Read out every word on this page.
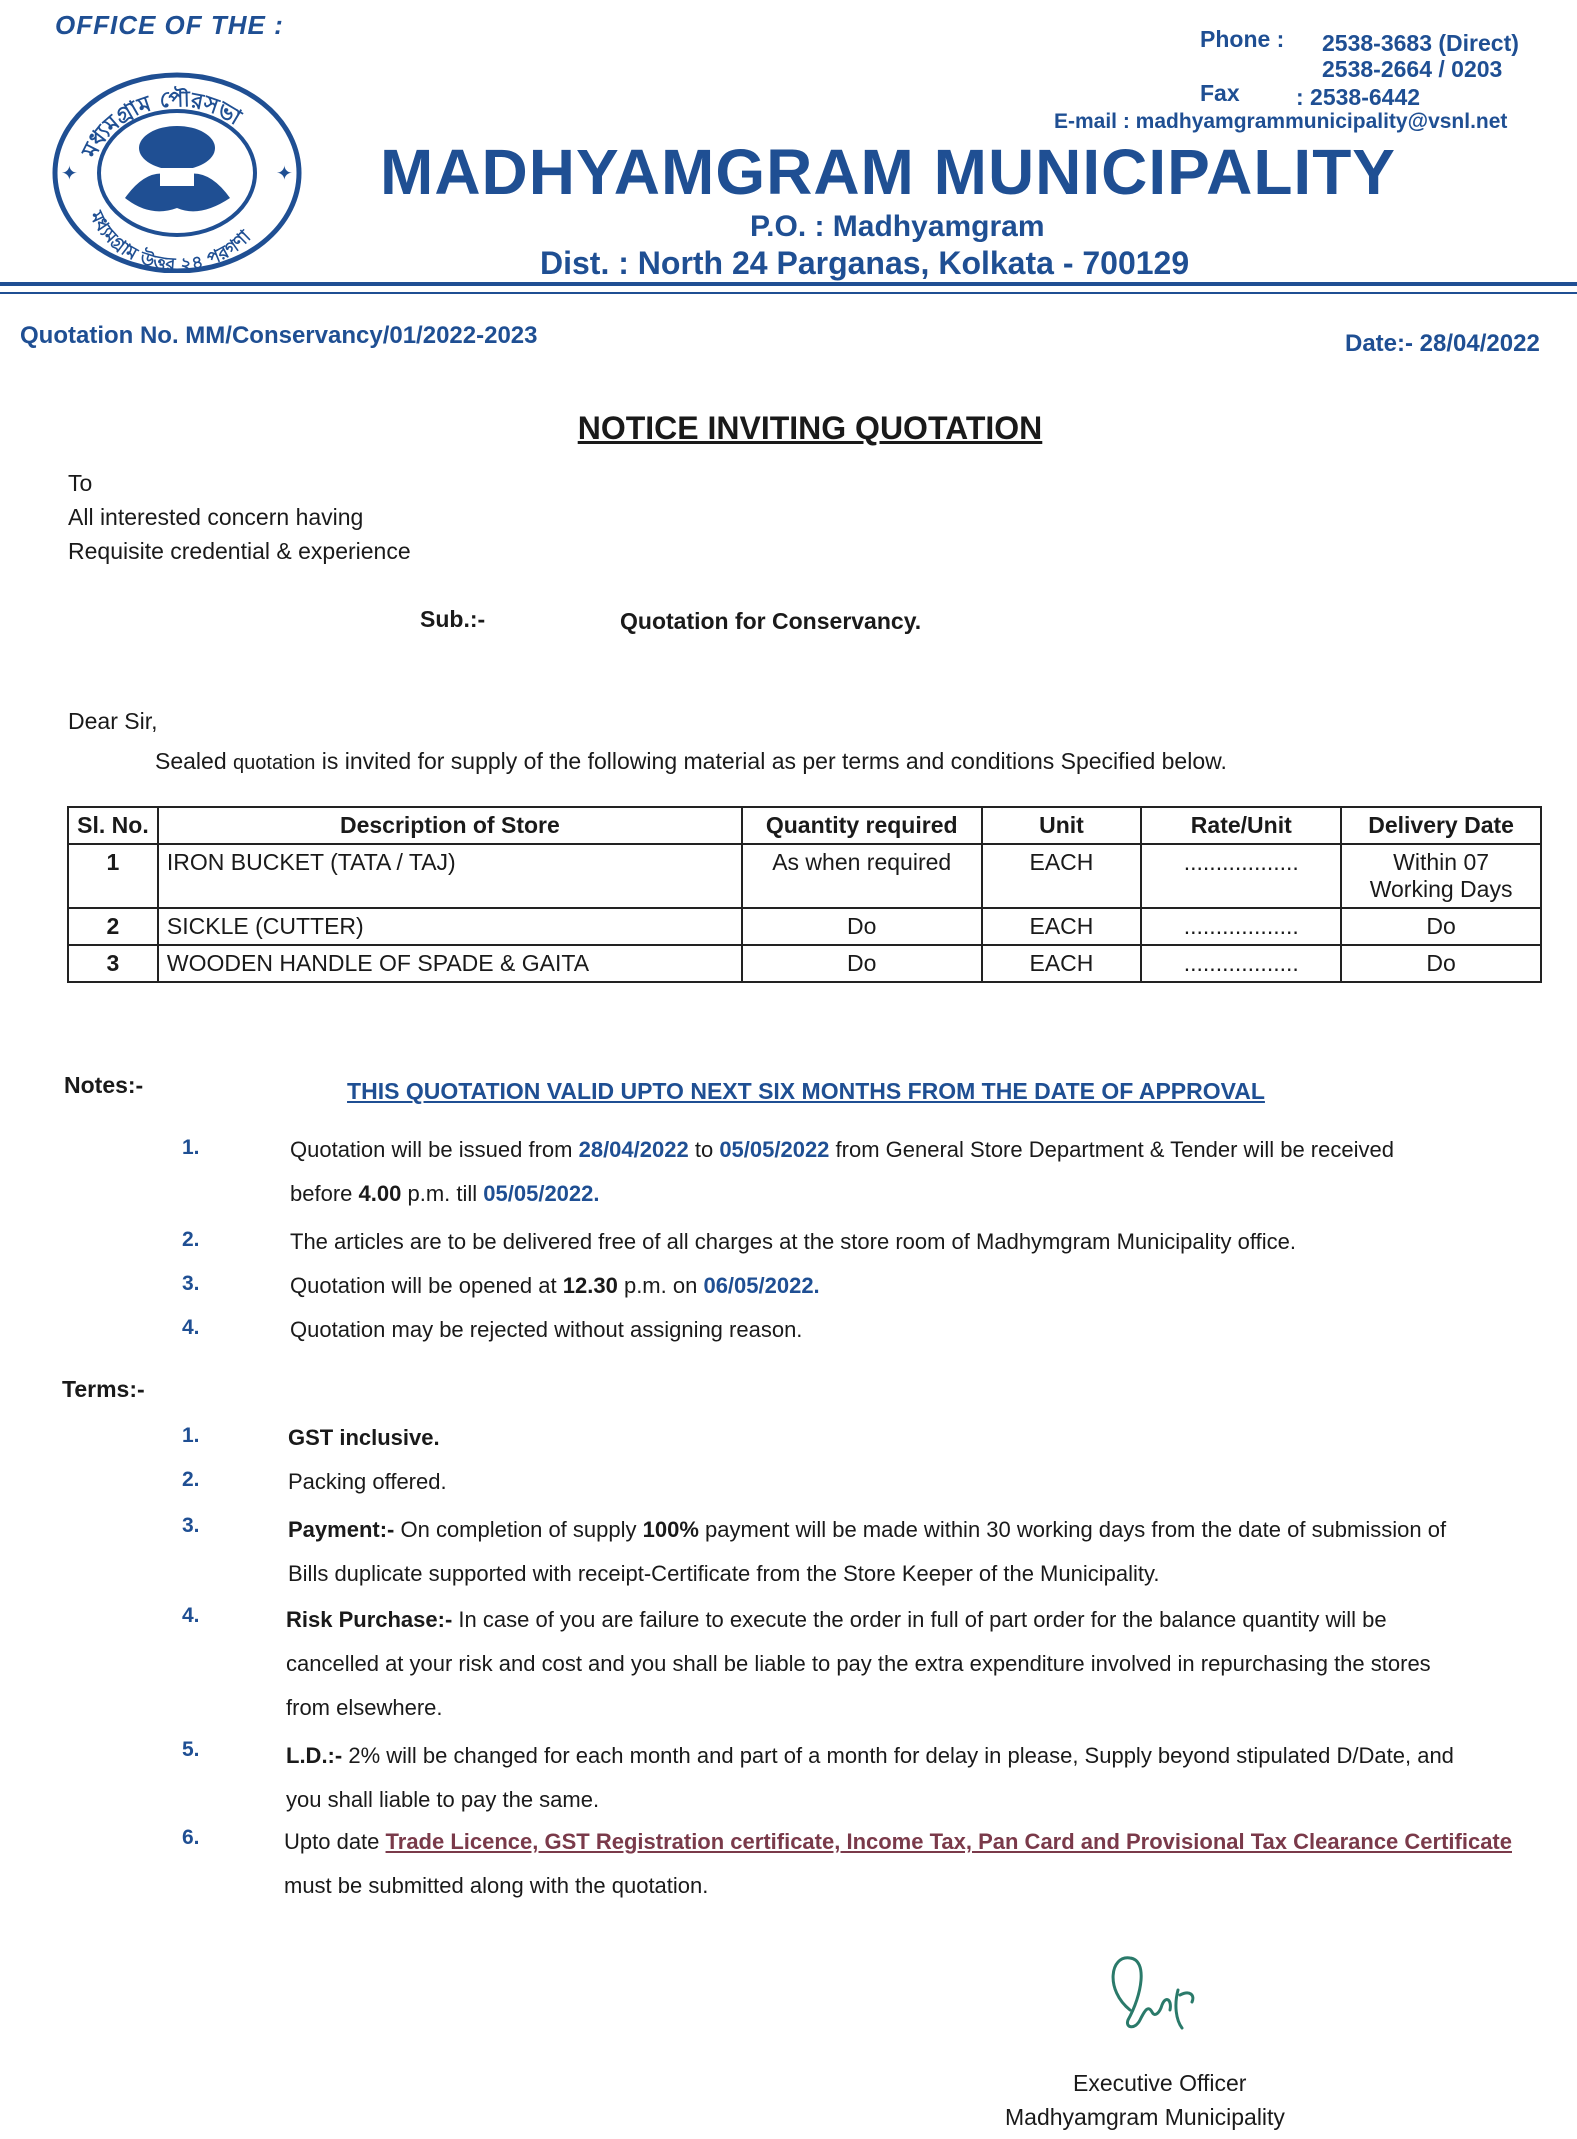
মধ্যমগ্রাম পৌরসভা
মধ্যমগ্রাম উত্তর ২৪ পরগণা
✦	✦
OFFICE OF THE :	Phone : 2538-3683 (Direct)
2538-2664 / 0203
Fax : 2538-6442
E-mail : madhyamgrammunicipality@vsnl.net
MADHYAMGRAM MUNICIPALITY
P.O. : Madhyamgram
Dist. : North 24 Parganas, Kolkata - 700129
Quotation No. MM/Conservancy/01/2022-2023	Date:- 28/04/2022
NOTICE INVITING QUOTATION
To
All interested concern having
Requisite credential & experience
Sub.:-	Quotation for Conservancy.
Dear Sir,
Sealed quotation is invited for supply of the following material as per terms and conditions Specified below.
Sl. No.	Description of Store	Quantity required	Unit	Rate/Unit	Delivery Date
1	IRON BUCKET (TATA / TAJ)	As when required	EACH	..................	Within 07 Working Days
2	SICKLE (CUTTER)	Do	EACH	..................	Do
3	WOODEN HANDLE OF SPADE & GAITA	Do	EACH	..................	Do
Notes:-	THIS QUOTATION VALID UPTO NEXT SIX MONTHS FROM THE DATE OF APPROVAL
1.	Quotation will be issued from 28/04/2022 to 05/05/2022 from General Store Department & Tender will be received
before 4.00 p.m. till 05/05/2022.
2.	The articles are to be delivered free of all charges at the store room of Madhymgram Municipality office.
3.	Quotation will be opened at 12.30 p.m. on 06/05/2022.
4.	Quotation may be rejected without assigning reason.
Terms:-
1.	GST inclusive.
2.	Packing offered.
3.	Payment:- On completion of supply 100% payment will be made within 30 working days from the date of submission of
Bills duplicate supported with receipt-Certificate from the Store Keeper of the Municipality.
4.	Risk Purchase:- In case of you are failure to execute the order in full of part order for the balance quantity will be
cancelled at your risk and cost and you shall be liable to pay the extra expenditure involved in repurchasing the stores
from elsewhere.
5.	L.D.:- 2% will be changed for each month and part of a month for delay in please, Supply beyond stipulated D/Date, and
you shall liable to pay the same.
6.	Upto date Trade Licence, GST Registration certificate, Income Tax, Pan Card and Provisional Tax Clearance Certificate
must be submitted along with the quotation.
Executive Officer
Madhyamgram Municipality
